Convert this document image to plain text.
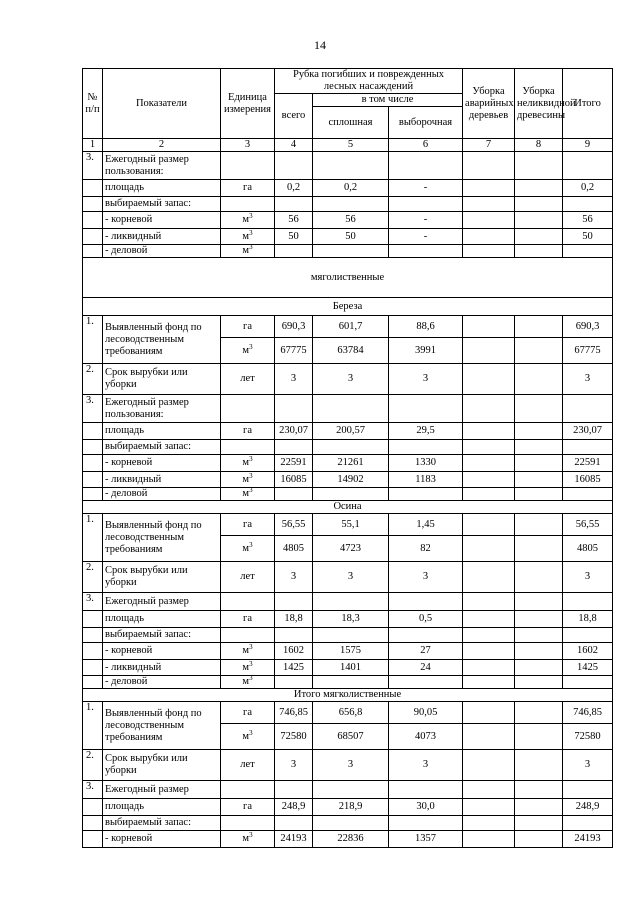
14
№ п/п	Показатели	Единица измерения	Рубка погибших и поврежденных лесных насаждений			Уборка аварийных деревьев	Уборка неликвидной древесины	Итого
			всего	в том числе				
				сплошная	выборочная			
1	2	3	4	5	6	7	8	9
3.	Ежегодный размер пользования:							
	площадь	га	0,2	0,2	-			0,2
	выбираемый запас:							
	- корневой	$м^3$	56	56	-			56
	- ликвидный	$м^3$	50	50	-			50
	- деловой	$м^3$						
мяголиственные								
Береза								
1.	Выявленный фонд по лесоводственным требованиям	га	690,3	601,7	88,6			690,3
		$м^3$	67775	63784	3991			67775
2.	Срок вырубки или уборки	лет	3	3	3			3
3.	Ежегодный размер пользования:							
	площадь	га	230,07	200,57	29,5			230,07
	выбираемый запас:							
	- корневой	$м^3$	22591	21261	1330			22591
	- ликвидный	$м^3$	16085	14902	1183			16085
	- деловой	$м^3$						
Осина								
1.	Выявленный фонд по лесоводственным требованиям	га	56,55	55,1	1,45			56,55
		$м^3$	4805	4723	82			4805
2.	Срок вырубки или уборки	лет	3	3	3			3
3.	Ежегодный размер							
	площадь	га	18,8	18,3	0,5			18,8
	выбираемый запас:							
	- корневой	$м^3$	1602	1575	27			1602
	- ликвидный	$м^3$	1425	1401	24			1425
	- деловой	$м^3$						
Итого мягколиственные								
1.	Выявленный фонд по лесоводственным требованиям	га	746,85	656,8	90,05			746,85
		$м^3$	72580	68507	4073			72580
2.	Срок вырубки или уборки	лет	3	3	3			3
3.	Ежегодный размер							
	площадь	га	248,9	218,9	30,0			248,9
	выбираемый запас:							
	- корневой	$м^3$	24193	22836	1357			24193
